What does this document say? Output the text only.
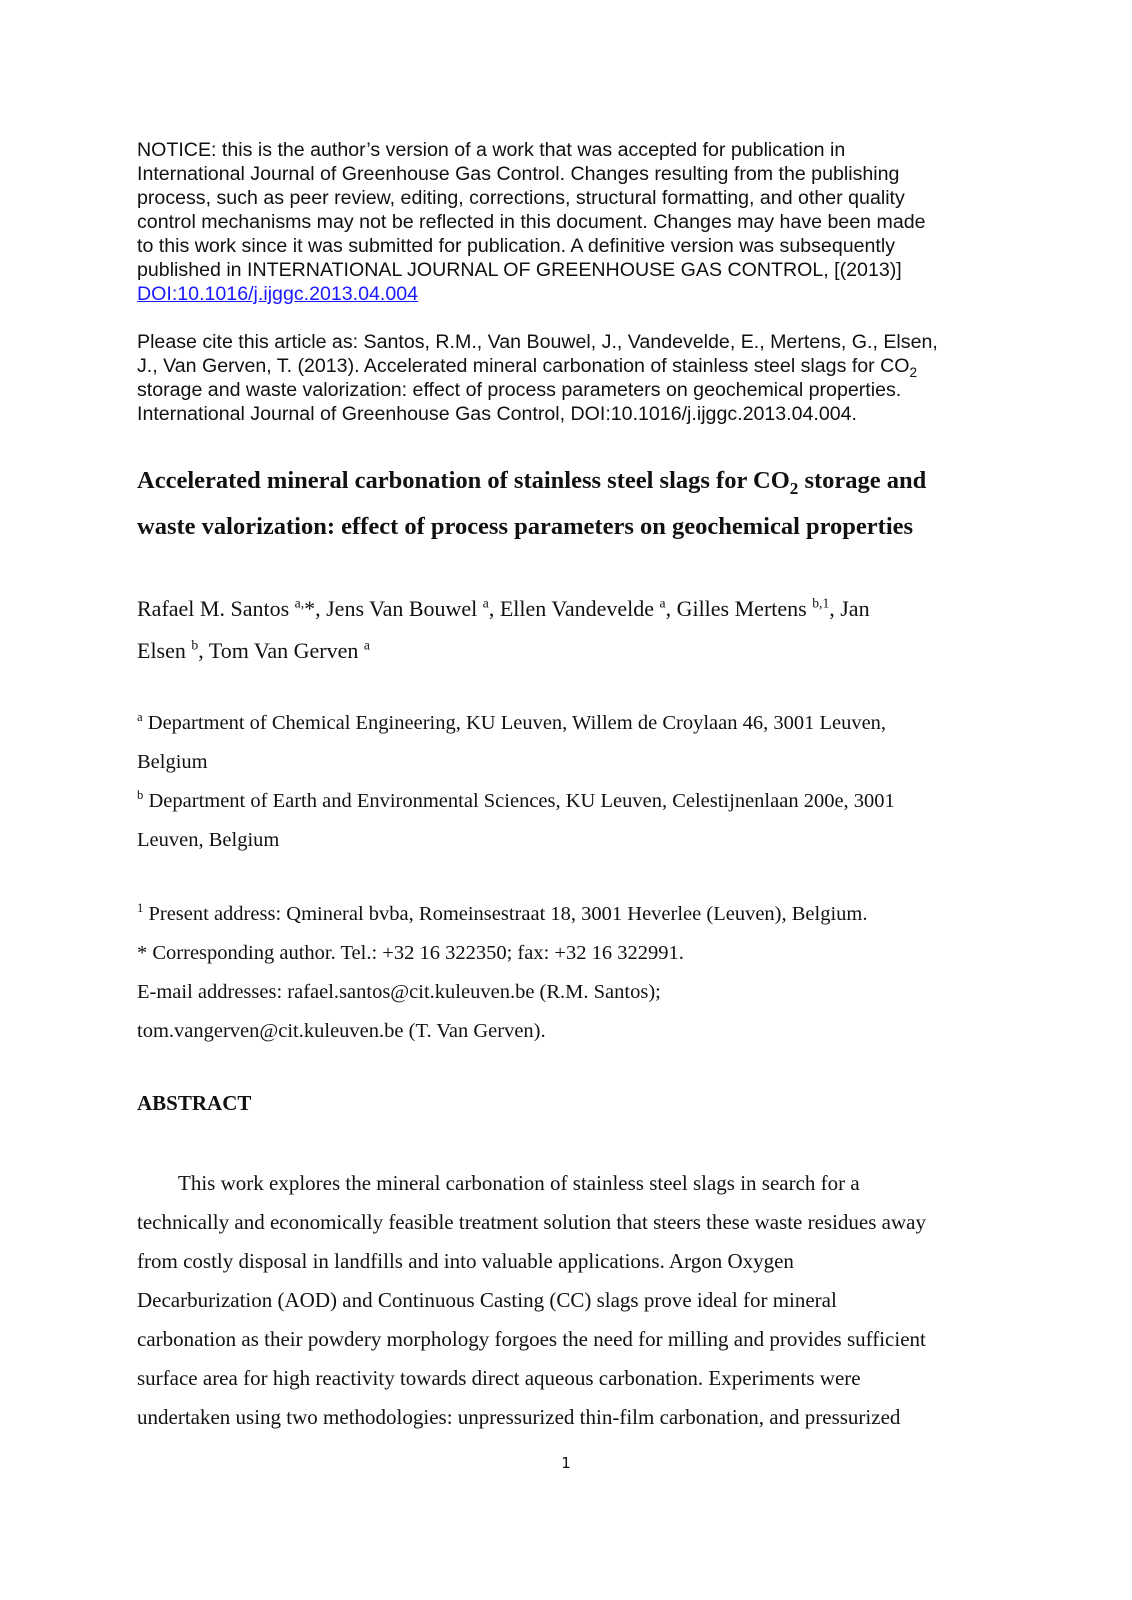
NOTICE: this is the author’s version of a work that was accepted for publication in

International Journal of Greenhouse Gas Control. Changes resulting from the publishing

process, such as peer review, editing, corrections, structural formatting, and other quality

control mechanisms may not be reflected in this document. Changes may have been made

to this work since it was submitted for publication. A definitive version was subsequently

published in INTERNATIONAL JOURNAL OF GREENHOUSE GAS CONTROL, [(2013)]

DOI:10.1016/j.ijggc.2013.04.004

Please cite this article as: Santos, R.M., Van Bouwel, J., Vandevelde, E., Mertens, G., Elsen,

J., Van Gerven, T. (2013). Accelerated mineral carbonation of stainless steel slags for $CO_2$

storage and waste valorization: effect of process parameters on geochemical properties.

International Journal of Greenhouse Gas Control, DOI:10.1016/j.ijggc.2013.04.004.

Accelerated mineral carbonation of stainless steel slags for $CO_2$ storage and

waste valorization: effect of process parameters on geochemical properties

Rafael M. Santos $^{a,}$*, Jens Van Bouwel $^a$, Ellen Vandevelde $^a$, Gilles Mertens $^{b,1}$, Jan

Elsen $^b$, Tom Van Gerven $^a$

$^a$ Department of Chemical Engineering, KU Leuven, Willem de Croylaan 46, 3001 Leuven,

Belgium

$^b$ Department of Earth and Environmental Sciences, KU Leuven, Celestijnenlaan 200e, 3001

Leuven, Belgium

$^1$ Present address: Qmineral bvba, Romeinsestraat 18, 3001 Heverlee (Leuven), Belgium.

* Corresponding author. Tel.: +32 16 322350; fax: +32 16 322991.

E-mail addresses: rafael.santos@cit.kuleuven.be (R.M. Santos);

tom.vangerven@cit.kuleuven.be (T. Van Gerven).

ABSTRACT

This work explores the mineral carbonation of stainless steel slags in search for a

technically and economically feasible treatment solution that steers these waste residues away

from costly disposal in landfills and into valuable applications. Argon Oxygen

Decarburization (AOD) and Continuous Casting (CC) slags prove ideal for mineral

carbonation as their powdery morphology forgoes the need for milling and provides sufficient

surface area for high reactivity towards direct aqueous carbonation. Experiments were

undertaken using two methodologies: unpressurized thin-film carbonation, and pressurized

1
